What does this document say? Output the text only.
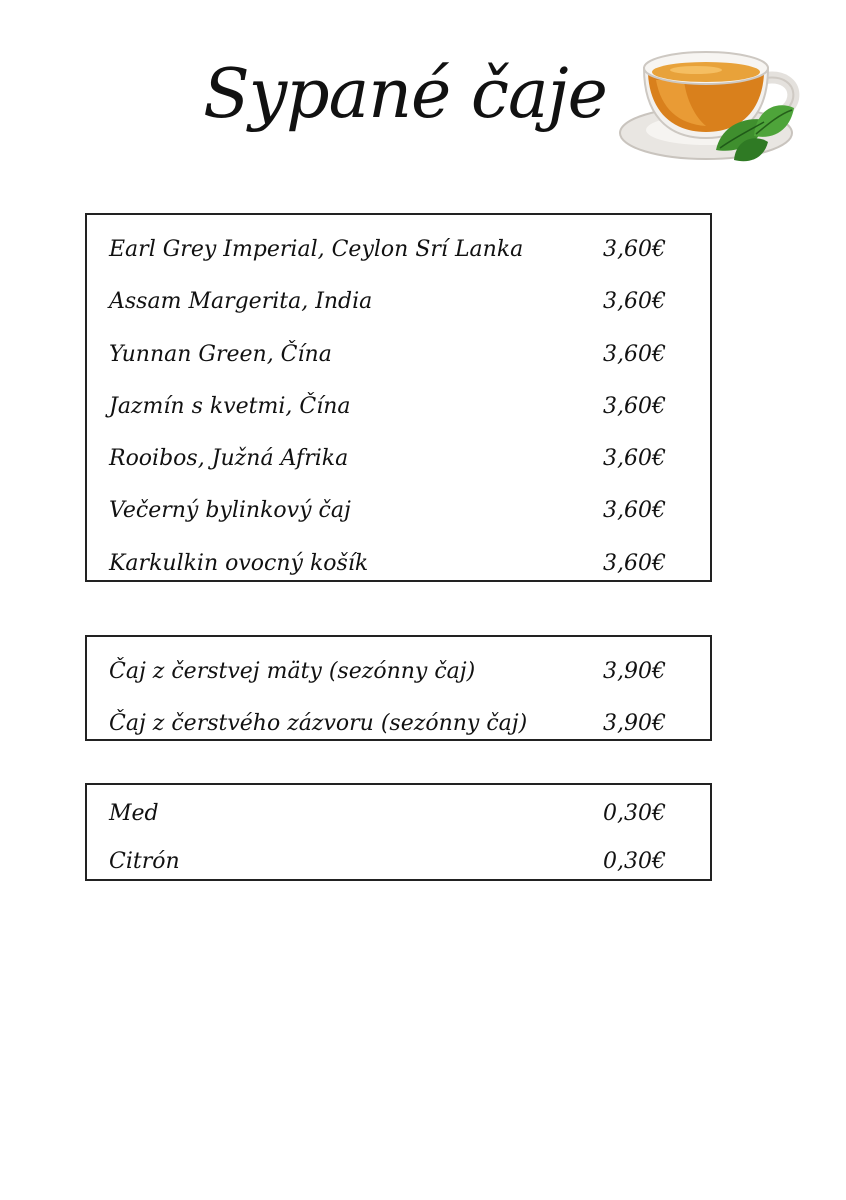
Sypané čaje
Earl Grey Imperial, Ceylon Srí Lanka	3,60€
Assam Margerita, India	3,60€
Yunnan Green, Čína	3,60€
Jazmín s kvetmi, Čína	3,60€
Rooibos, Južná Afrika	3,60€
Večerný bylinkový čaj	3,60€
Karkulkin ovocný košík	3,60€
Čaj z čerstvej mäty (sezónny čaj)	3,90€
Čaj z čerstvého zázvoru (sezónny čaj)	3,90€
Med	0,30€
Citrón	0,30€
